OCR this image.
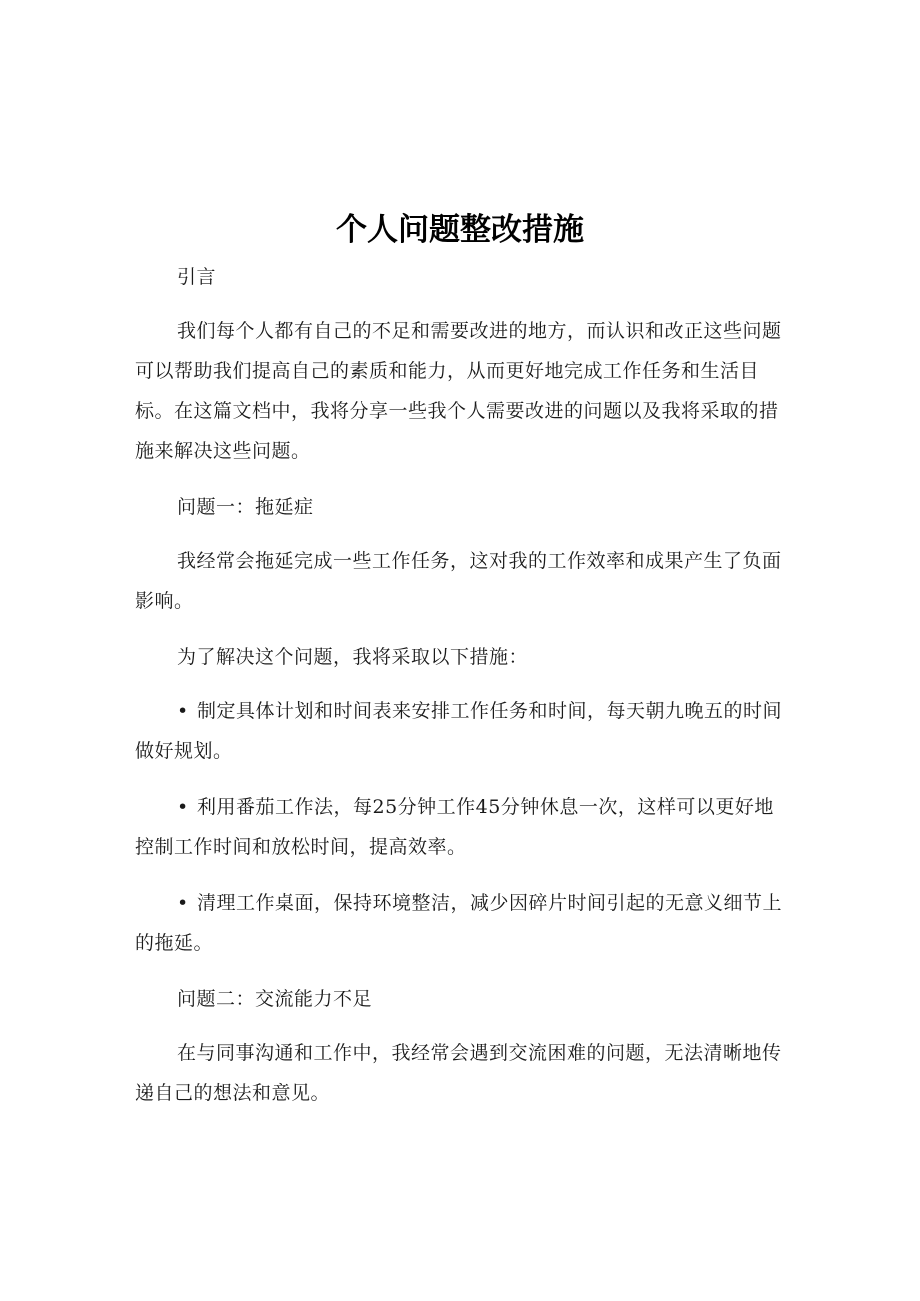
个人问题整改措施
引言
我们每个人都有自己的不足和需要改进的地方，而认识和改正这些问题可以帮助我们提高自己的素质和能力，从而更好地完成工作任务和生活目标。在这篇文档中，我将分享一些我个人需要改进的问题以及我将采取的措施来解决这些问题。
问题一：拖延症
我经常会拖延完成一些工作任务，这对我的工作效率和成果产生了负面影响。
为了解决这个问题，我将采取以下措施：
• 制定具体计划和时间表来安排工作任务和时间，每天朝九晚五的时间做好规划。
• 利用番茄工作法，每25分钟工作45分钟休息一次，这样可以更好地控制工作时间和放松时间，提高效率。
• 清理工作桌面，保持环境整洁，减少因碎片时间引起的无意义细节上的拖延。
问题二：交流能力不足
在与同事沟通和工作中，我经常会遇到交流困难的问题，无法清晰地传递自己的想法和意见。
